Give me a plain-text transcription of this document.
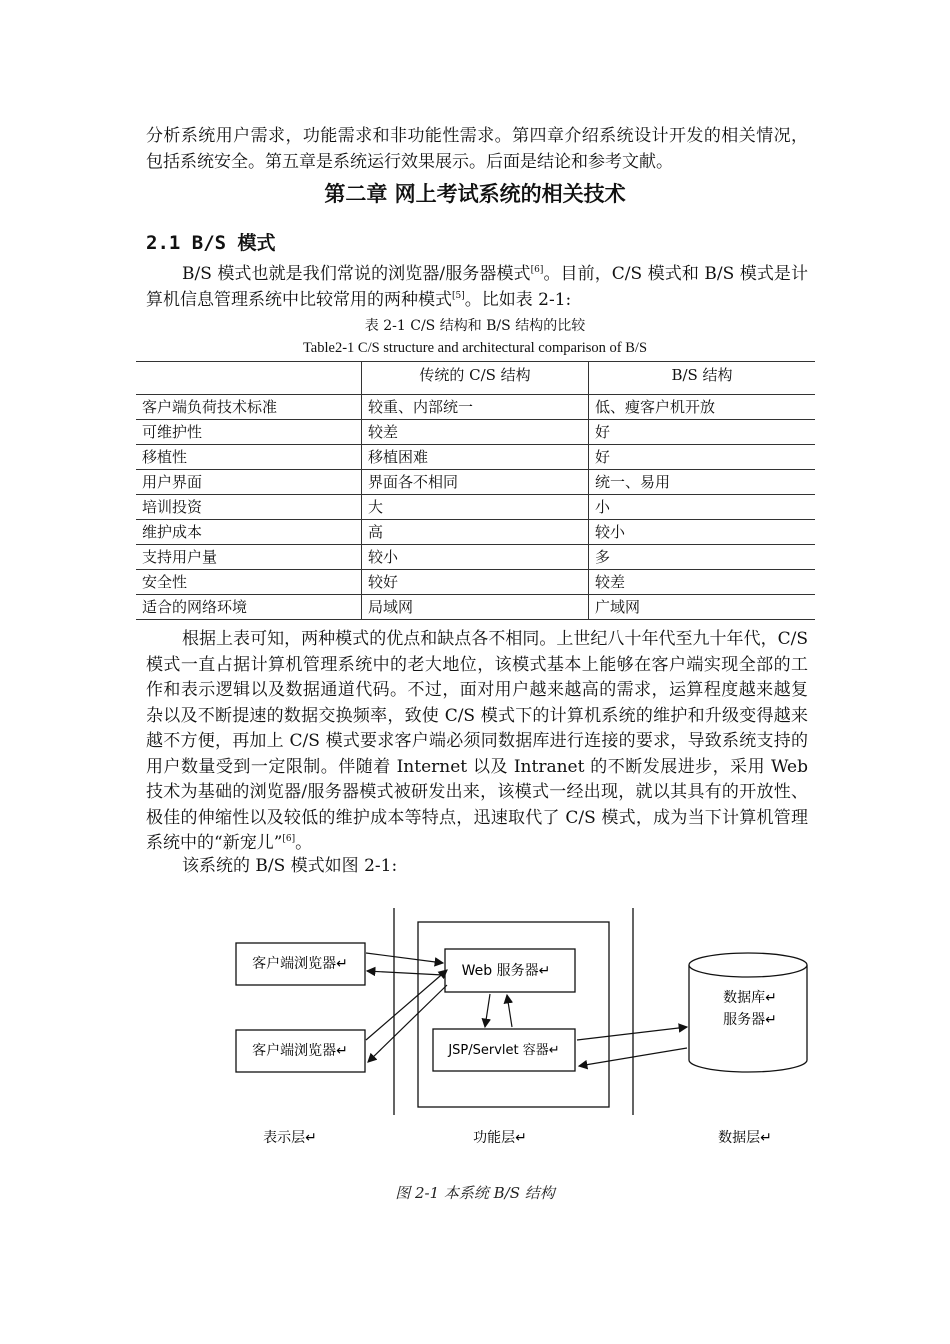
分析系统用户需求，功能需求和非功能性需求。第四章介绍系统设计开发的相关情况，包括系统安全。第五章是系统运行效果展示。后面是结论和参考文献。

第二章 网上考试系统的相关技术
2.1 B/S 模式

B/S 模式也就是我们常说的浏览器/服务器模式[6]。目前，C/S 模式和 B/S 模式是计算机信息管理系统中比较常用的两种模式[5]。比如表 2-1:

表 2-1 C/S 结构和 B/S 结构的比较
Table2-1 C/S structure and architectural comparison of B/S
	传统的 C/S 结构	B/S 结构
客户端负荷技术标准	较重、内部统一	低、瘦客户机开放
可维护性	较差	好
移植性	移植困难	好
用户界面	界面各不相同	统一、易用
培训投资	大	小
维护成本	高	较小
支持用户量	较小	多
安全性	较好	较差
适合的网络环境	局域网	广域网

根据上表可知，两种模式的优点和缺点各不相同。上世纪八十年代至九十年代，C/S 模式一直占据计算机管理系统中的老大地位，该模式基本上能够在客户端实现全部的工作和表示逻辑以及数据通道代码。不过，面对用户越来越高的需求，运算程度越来越复杂以及不断提速的数据交换频率，致使 C/S 模式下的计算机系统的维护和升级变得越来越不方便，再加上 C/S 模式要求客户端必须同数据库进行连接的要求，导致系统支持的用户数量受到一定限制。伴随着 Internet 以及 Intranet 的不断发展进步，采用 Web 技术为基础的浏览器/服务器模式被研发出来，该模式一经出现，就以其具有的开放性、极佳的伸缩性以及较低的维护成本等特点，迅速取代了 C/S 模式，成为当下计算机管理系统中的“新宠儿”[6]。

该系统的 B/S 模式如图 2-1:

客户端浏览器↵
客户端浏览器↵
Web 服务器↵
JSP/Servlet 容器↵
数据库↵
服务器↵
表示层↵	功能层↵	数据层↵
图 2-1 本系统 B/S 结构
